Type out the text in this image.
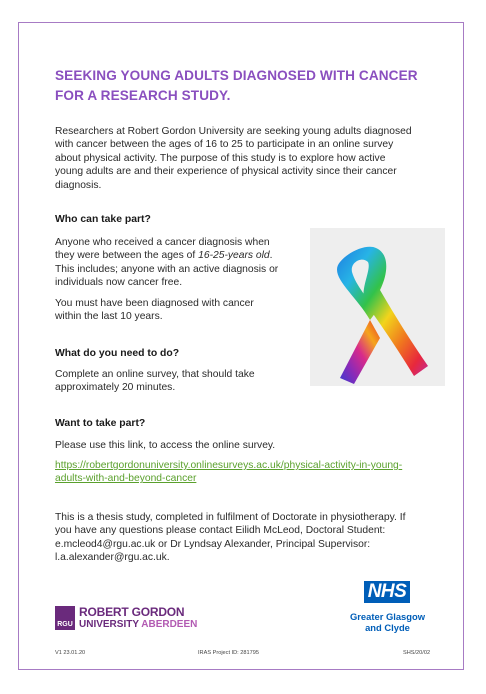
SEEKING YOUNG ADULTS DIAGNOSED WITH CANCER
FOR A RESEARCH STUDY.
Researchers at Robert Gordon University are seeking young adults diagnosed
with cancer between the ages of 16 to 25 to participate in an online survey
about physical activity. The purpose of this study is to explore how active
young adults are and their experience of physical activity since their cancer
diagnosis.
Who can take part?
Anyone who received a cancer diagnosis when
they were between the ages of 16-25-years old.
This includes; anyone with an active diagnosis or
individuals now cancer free.
You must have been diagnosed with cancer
within the last 10 years.
What do you need to do?
Complete an online survey, that should take
approximately 20 minutes.
Want to take part?
Please use this link, to access the online survey.
https://robertgordonuniversity.onlinesurveys.ac.uk/physical-activity-in-young-
adults-with-and-beyond-cancer
This is a thesis study, completed in fulfilment of Doctorate in physiotherapy. If
you have any questions please contact Eilidh McLeod, Doctoral Student:
e.mcleod4@rgu.ac.uk or Dr Lyndsay Alexander, Principal Supervisor:
l.a.alexander@rgu.ac.uk.
RGU
ROBERT GORDON
UNIVERSITY ABERDEEN
NHS
Greater Glasgow
and Clyde
V1 23.01.20	IRAS Project ID: 281795	SHS/20/02
